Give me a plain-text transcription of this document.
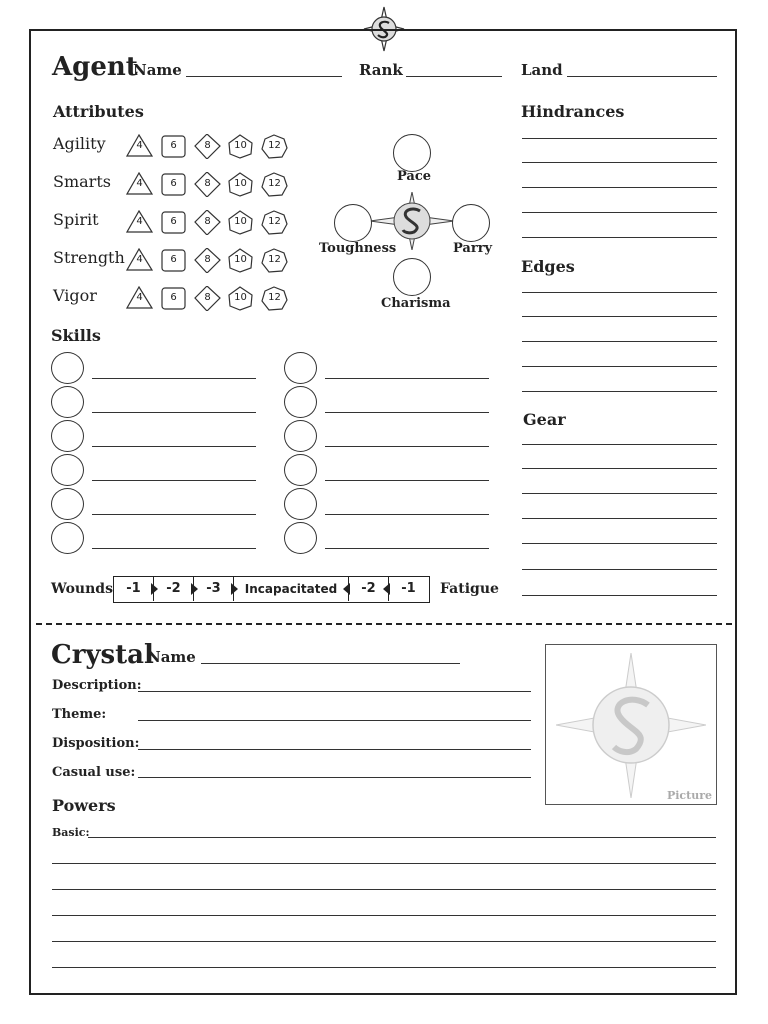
Agent
Name	Rank	Land
Attributes
Agility	4	6	8	10	12
Smarts	4	6	8	10	12
Spirit	4	6	8	10	12
Strength	4	6	8	10	12
Vigor	4	6	8	10	12
Pace
Toughness	Parry
Charisma
Hindrances
Edges
Gear
Skills
Wounds	-1	-2	-3	Incapacitated	-2	-1	Fatigue
Crystal
Name
Description:
Theme:
Disposition:
Casual use:
Picture
Powers
Basic:
